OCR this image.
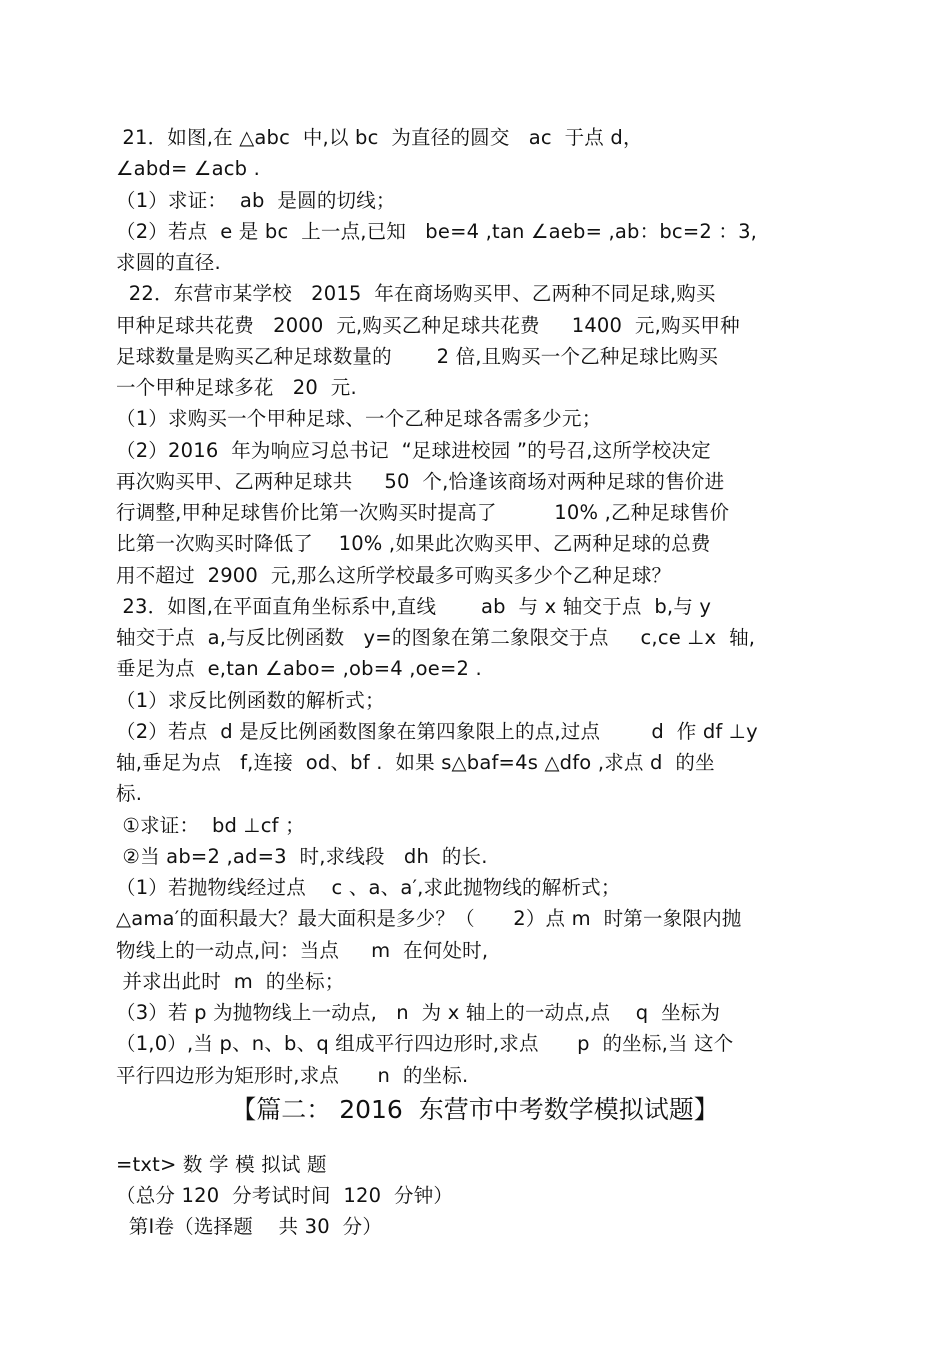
21．如图,在 △abc  中,以 bc  为直径的圆交   ac  于点 d，
∠abd= ∠acb .
（1）求证：  ab  是圆的切线；
（2）若点  e 是 bc  上一点,已知   be=4 ,tan ∠aeb= ,ab：bc=2 ：3,
求圆的直径.
22．东营市某学校   2015  年在商场购买甲、乙两种不同足球,购买
甲种足球共花费   2000  元,购买乙种足球共花费     1400  元,购买甲种
足球数量是购买乙种足球数量的       2 倍,且购买一个乙种足球比购买
一个甲种足球多花   20  元.
（1）求购买一个甲种足球、一个乙种足球各需多少元；
（2）2016  年为响应习总书记  “足球进校园 ”的号召,这所学校决定
再次购买甲、乙两种足球共     50  个,恰逢该商场对两种足球的售价进
行调整,甲种足球售价比第一次购买时提高了         10% ,乙种足球售价
比第一次购买时降低了    10% ,如果此次购买甲、乙两种足球的总费
用不超过  2900  元,那么这所学校最多可购买多少个乙种足球？
23．如图,在平面直角坐标系中,直线       ab  与 x 轴交于点  b,与 y
轴交于点  a,与反比例函数   y=的图象在第二象限交于点     c,ce ⊥x  轴,
垂足为点  e,tan ∠abo= ,ob=4 ,oe=2 .
（1）求反比例函数的解析式；
（2）若点  d 是反比例函数图象在第四象限上的点,过点        d  作 df ⊥y
轴,垂足为点   f,连接  od、bf .  如果 s△baf=4s △dfo ,求点 d  的坐
标.
①求证：  bd ⊥cf ；
②当 ab=2 ,ad=3  时,求线段   dh  的长.
（1）若抛物线经过点    c 、a、a′,求此抛物线的解析式；
△ama′的面积最大？最大面积是多少？（      2）点 m  时第一象限内抛
物线上的一动点,问：当点     m  在何处时,
并求出此时  m  的坐标；
（3）若 p 为抛物线上一动点,   n  为 x 轴上的一动点,点    q  坐标为
（1,0）,当 p、n、b、q 组成平行四边形时,求点      p  的坐标,当 这个
平行四边形为矩形时,求点      n  的坐标.
【篇二： 2016  东营市中考数学模拟试题】
=txt> 数 学 模 拟试 题
（总分 120  分考试时间  120  分钟）
第Ⅰ卷（选择题    共 30  分）
